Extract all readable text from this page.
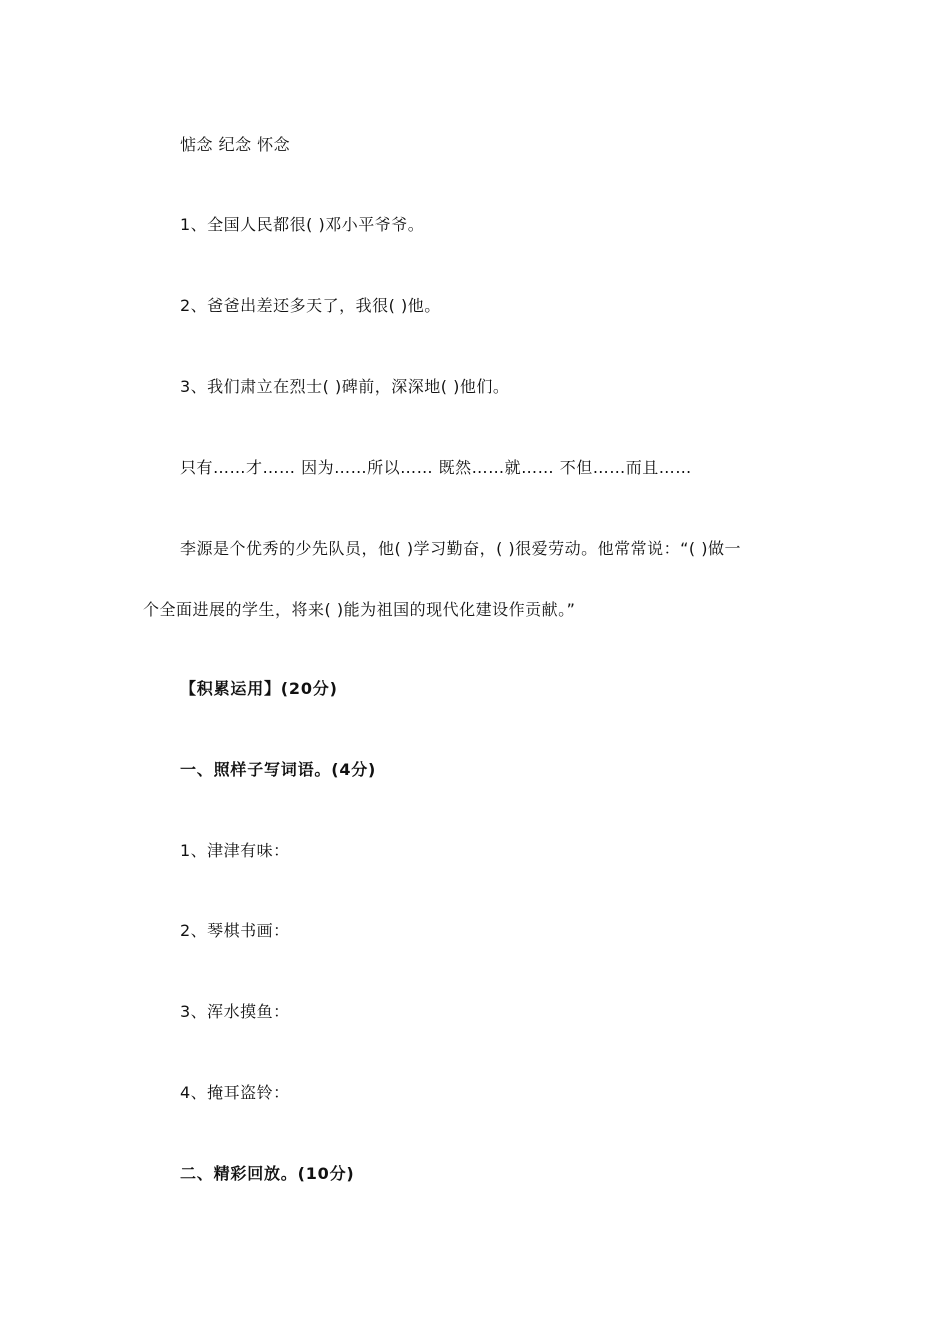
惦念 纪念 怀念
1、全国人民都很( )邓小平爷爷。
2、爸爸出差还多天了，我很( )他。
3、我们肃立在烈士( )碑前，深深地( )他们。
只有……才…… 因为……所以…… 既然……就…… 不但……而且……
李源是个优秀的少先队员，他( )学习勤奋，( )很爱劳动。他常常说：“( )做一
个全面进展的学生，将来( )能为祖国的现代化建设作贡献。”
【积累运用】(20分)
一、照样子写词语。(4分)
1、津津有味：
2、琴棋书画：
3、浑水摸鱼：
4、掩耳盗铃：
二、精彩回放。(10分)
